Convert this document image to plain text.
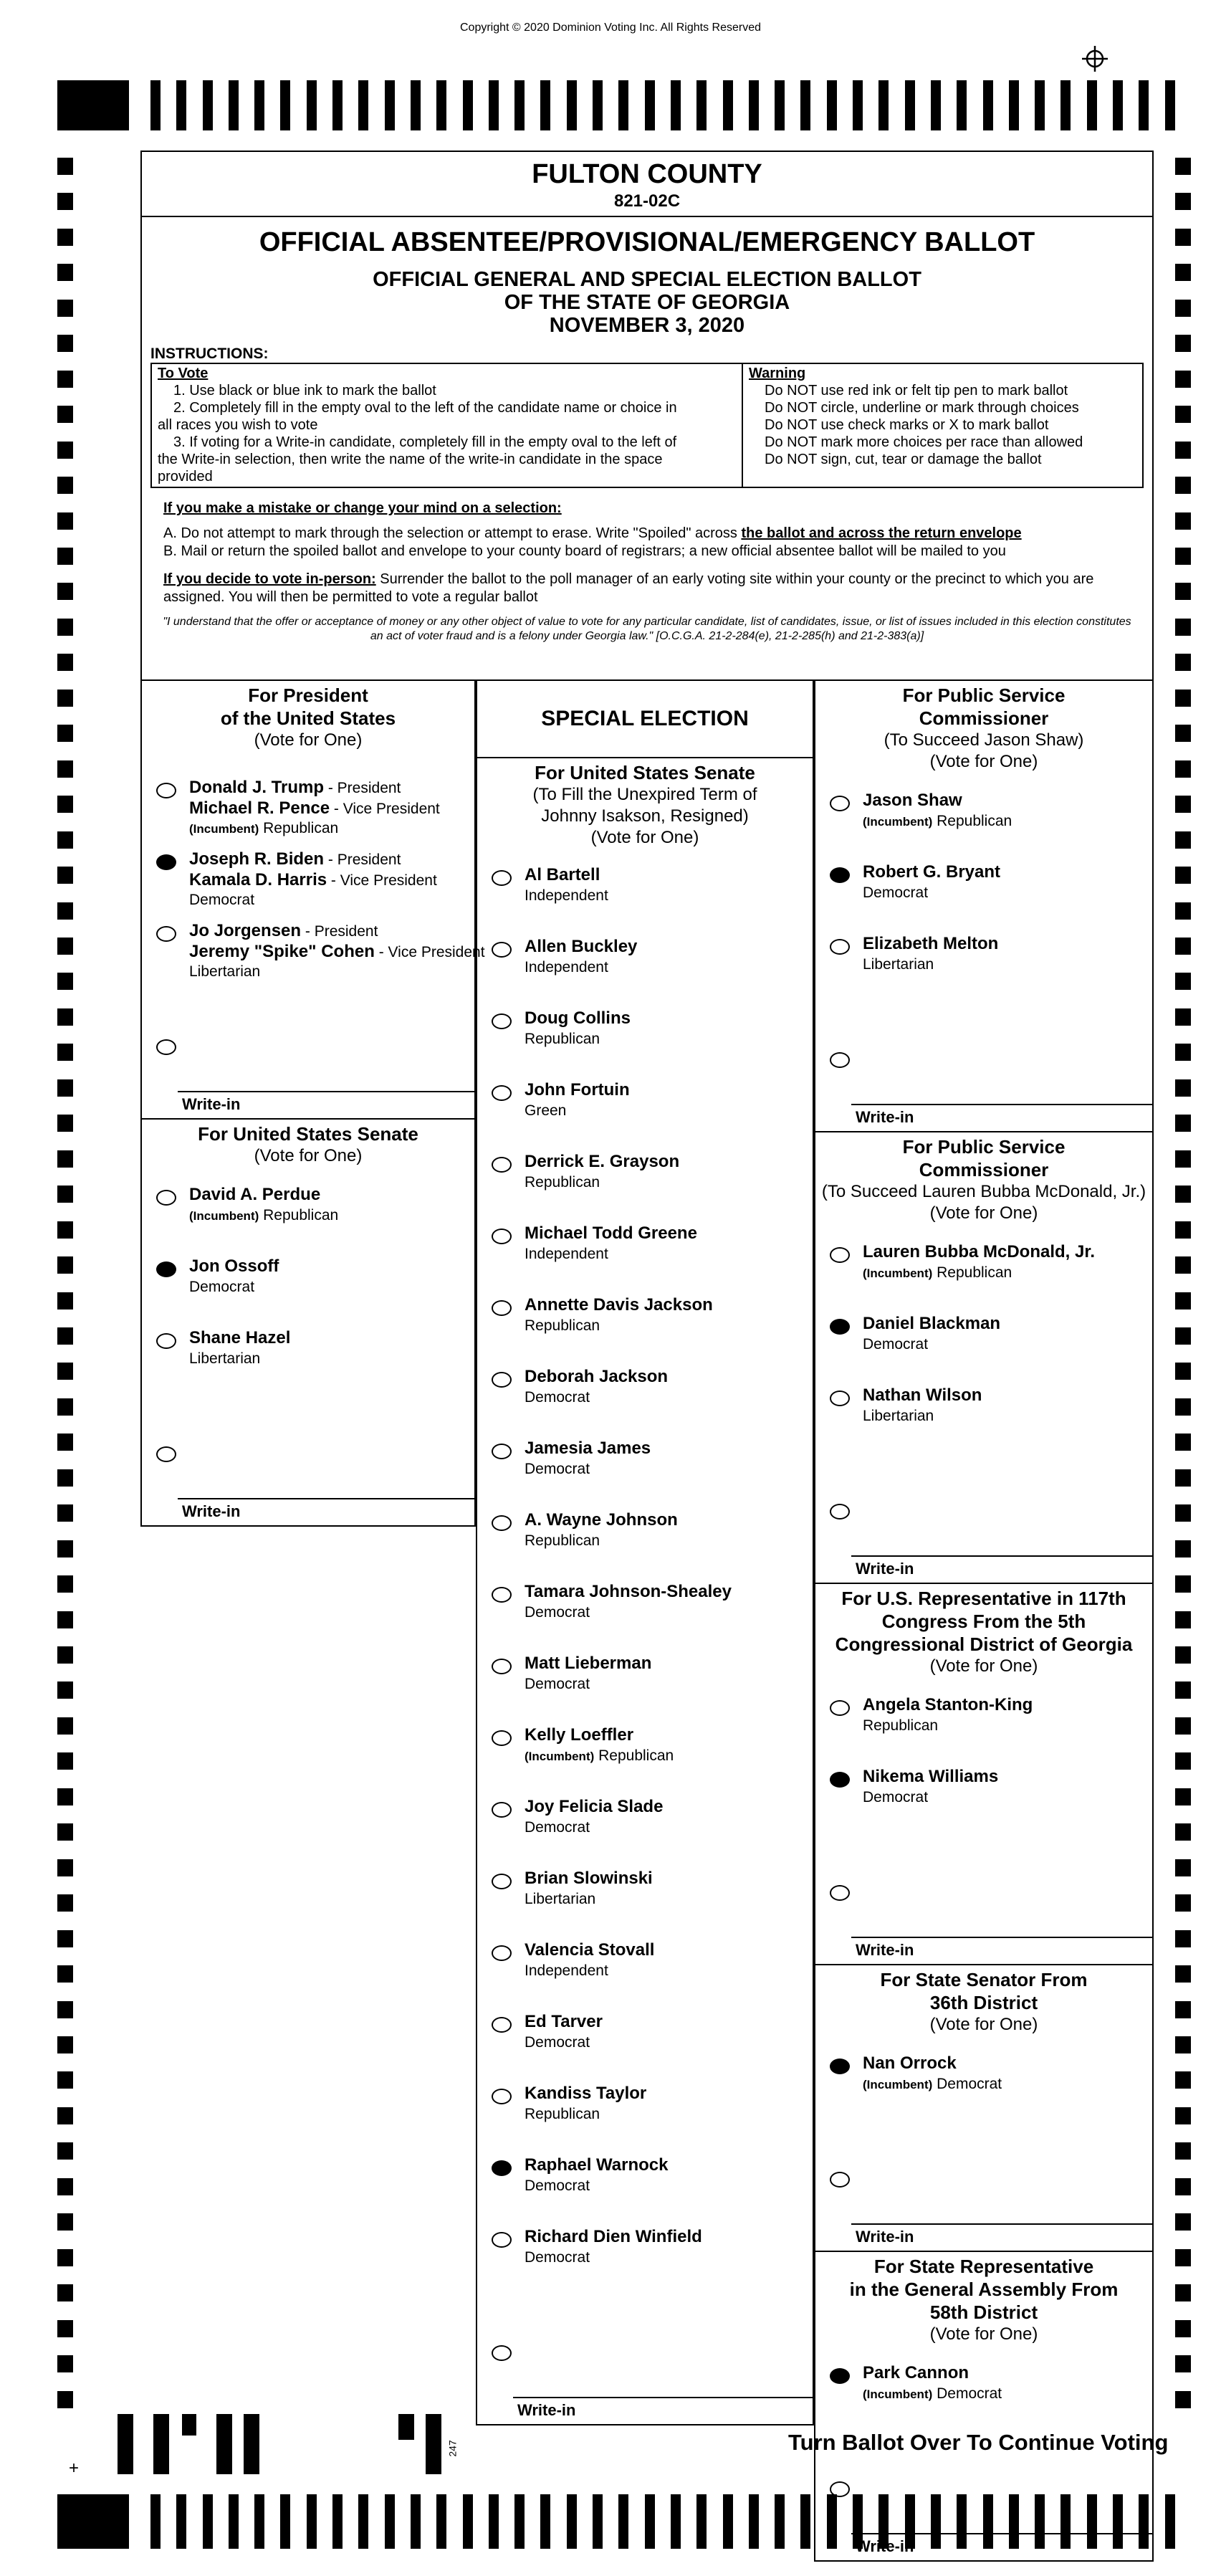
Copyright © 2020 Dominion Voting Inc. All Rights Reserved
FULTON COUNTY
821-02C
OFFICIAL ABSENTEE/PROVISIONAL/EMERGENCY BALLOT
OFFICIAL GENERAL AND SPECIAL ELECTION BALLOT
OF THE STATE OF GEORGIA
NOVEMBER 3, 2020
INSTRUCTIONS:
To Vote
1. Use black or blue ink to mark the ballot
2. Completely fill in the empty oval to the left of the candidate name or choice in
all races you wish to vote
3. If voting for a Write-in candidate, completely fill in the empty oval to the left of
the Write-in selection, then write the name of the write-in candidate in the space
provided
Warning
Do NOT use red ink or felt tip pen to mark ballot
Do NOT circle, underline or mark through choices
Do NOT use check marks or X to mark ballot
Do NOT mark more choices per race than allowed
Do NOT sign, cut, tear or damage the ballot
If you make a mistake or change your mind on a selection:
A. Do not attempt to mark through the selection or attempt to erase. Write "Spoiled" across the ballot and across the return envelope
B. Mail or return the spoiled ballot and envelope to your county board of registrars; a new official absentee ballot will be mailed to you
If you decide to vote in-person: Surrender the ballot to the poll manager of an early voting site within your county or the precinct to which you are assigned. You will then be permitted to vote a regular ballot
"I understand that the offer or acceptance of money or any other object of value to vote for any particular candidate, list of candidates, issue, or list of issues included in this election constitutes an act of voter fraud and is a felony under Georgia law." [O.C.G.A. 21-2-284(e), 21-2-285(h) and 21-2-383(a)]
For President
of the United States
(Vote for One)
Donald J. Trump - President
Michael R. Pence - Vice President
(Incumbent) Republican
Joseph R. Biden - President
Kamala D. Harris - Vice President
Democrat
Jo Jorgensen - President
Jeremy "Spike" Cohen - Vice President
Libertarian
Write-in
For United States Senate
(Vote for One)
David A. Perdue
(Incumbent) Republican
Jon Ossoff
Democrat
Shane Hazel
Libertarian
Write-in
SPECIAL ELECTION
For United States Senate
(To Fill the Unexpired Term of
Johnny Isakson, Resigned)
(Vote for One)
Al Bartell
Independent
Allen Buckley
Independent
Doug Collins
Republican
John Fortuin
Green
Derrick E. Grayson
Republican
Michael Todd Greene
Independent
Annette Davis Jackson
Republican
Deborah Jackson
Democrat
Jamesia James
Democrat
A. Wayne Johnson
Republican
Tamara Johnson-Shealey
Democrat
Matt Lieberman
Democrat
Kelly Loeffler
(Incumbent) Republican
Joy Felicia Slade
Democrat
Brian Slowinski
Libertarian
Valencia Stovall
Independent
Ed Tarver
Democrat
Kandiss Taylor
Republican
Raphael Warnock
Democrat
Richard Dien Winfield
Democrat
Write-in
For Public Service
Commissioner
(To Succeed Jason Shaw)
(Vote for One)
Jason Shaw
(Incumbent) Republican
Robert G. Bryant
Democrat
Elizabeth Melton
Libertarian
Write-in
For Public Service
Commissioner
(To Succeed Lauren Bubba McDonald, Jr.)
(Vote for One)
Lauren Bubba McDonald, Jr.
(Incumbent) Republican
Daniel Blackman
Democrat
Nathan Wilson
Libertarian
Write-in
For U.S. Representative in 117th
Congress From the 5th
Congressional District of Georgia
(Vote for One)
Angela Stanton-King
Republican
Nikema Williams
Democrat
Write-in
For State Senator From
36th District
(Vote for One)
Nan Orrock
(Incumbent) Democrat
Write-in
For State Representative
in the General Assembly From
58th District
(Vote for One)
Park Cannon
(Incumbent) Democrat
+
247	Turn Ballot Over To Continue Voting
